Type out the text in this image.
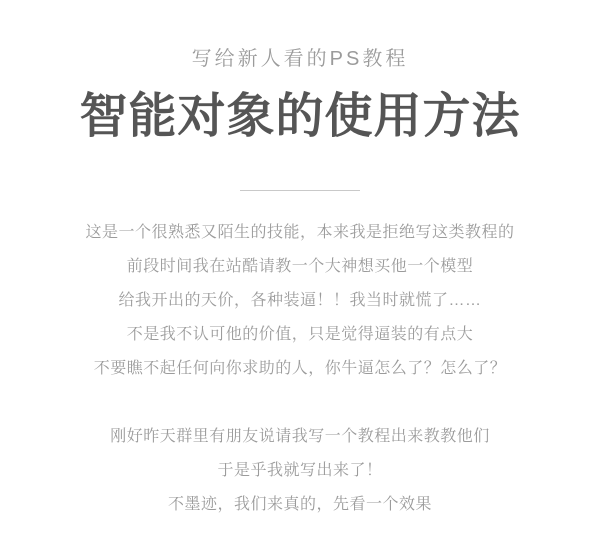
写给新人看的PS教程
智能对象的使用方法
这是一个很熟悉又陌生的技能，本来我是拒绝写这类教程的
前段时间我在站酷请教一个大神想买他一个模型
给我开出的天价，各种装逼！！我当时就慌了……
不是我不认可他的价值，只是觉得逼装的有点大
不要瞧不起任何向你求助的人，你牛逼怎么了？怎么了？
刚好昨天群里有朋友说请我写一个教程出来教教他们
于是乎我就写出来了！
不墨迹，我们来真的，先看一个效果
